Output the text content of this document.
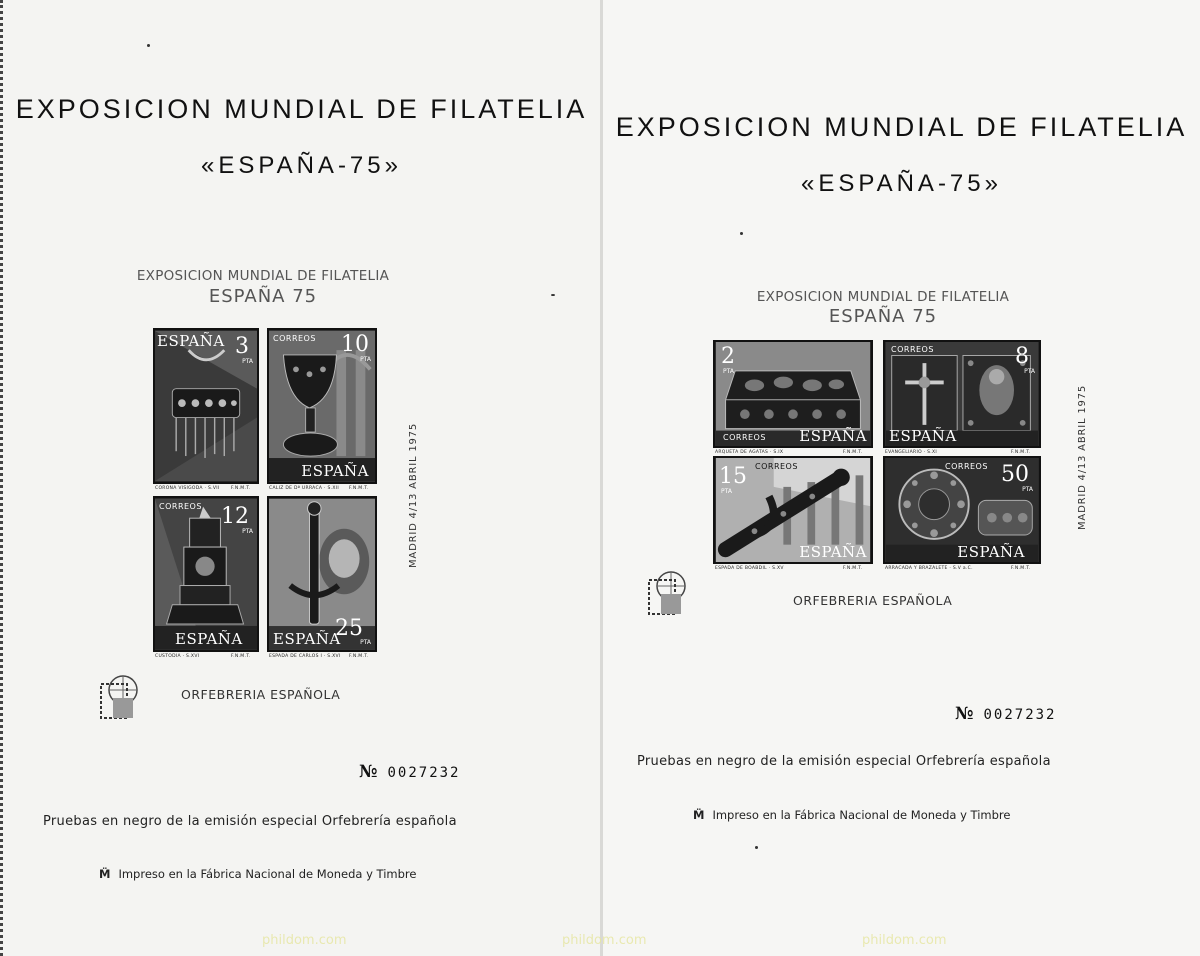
EXPOSICION MUNDIAL DE FILATELIA
«ESPAÑA-75»
EXPOSICION MUNDIAL DE FILATELIA
ESPAÑA 75
ESPAÑA 3
PTA
CORONA VISIGODA · S.VII	F.N.M.T.
CORREOS 10
PTA
ESPAÑA
CALIZ DE Dª URRACA · S.XII F.N.M.T.
CORREOS 12
PTA
ESPAÑA
CUSTODIA · S.XVI	F.N.M.T.
ESPAÑA
25
PTA
ESPADA DE CARLOS I · S.XVI F.N.M.T.
MADRID 4/13 ABRIL 1975
ORFEBRERIA ESPAÑOLA
№ 0027232
Pruebas en negro de la emisión especial Orfebrería española
M̈ Impreso en la Fábrica Nacional de Moneda y Timbre
EXPOSICION MUNDIAL DE FILATELIA
«ESPAÑA-75»
EXPOSICION MUNDIAL DE FILATELIA
ESPAÑA 75
2
PTA
CORREOS ESPAÑA
ARQUETA DE AGATAS · S.IX	F.N.M.T.
CORREOS	8
PTA
ESPAÑA
EVANGELIARIO · S.XI	F.N.M.T.
15
PTA
CORREOS
ESPAÑA
ESPADA DE BOABDIL · S.XV	F.N.M.T.
CORREOS 50
PTA
ESPAÑA
ARRACADA Y BRAZALETE · S.V a.C.	F.N.M.T.
MADRID 4/13 ABRIL 1975
ORFEBRERIA ESPAÑOLA
№ 0027232
Pruebas en negro de la emisión especial Orfebrería española
M̈ Impreso en la Fábrica Nacional de Moneda y Timbre
phildom.com	phildom.com	phildom.com
